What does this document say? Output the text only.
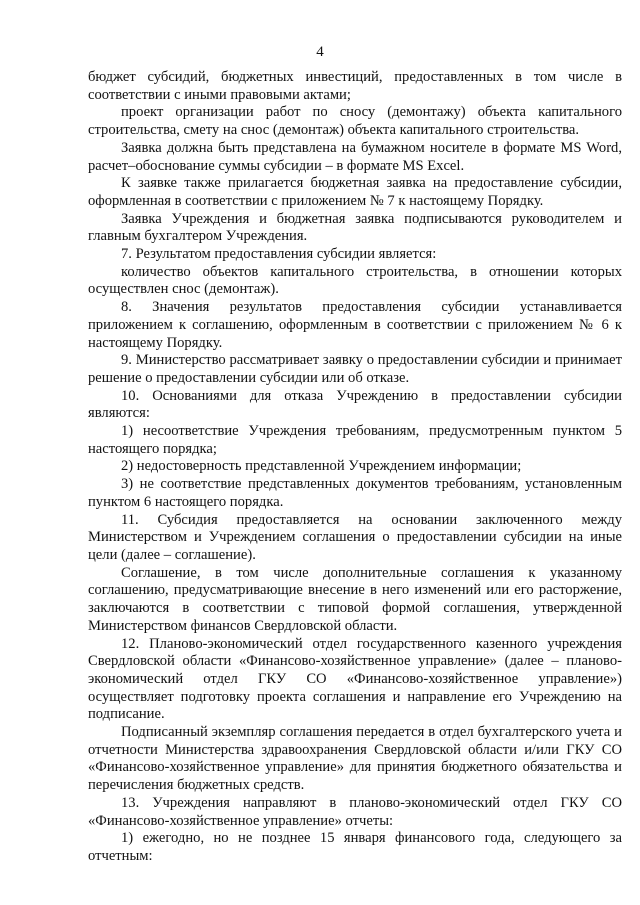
4

бюджет субсидий, бюджетных инвестиций, предоставленных в том числе в соответствии с иными правовыми актами;

проект организации работ по сносу (демонтажу) объекта капитального строительства, смету на снос (демонтаж) объекта капитального строительства.

Заявка должна быть представлена на бумажном носителе в формате MS Word, расчет–обоснование суммы субсидии – в формате MS Excel.

К заявке также прилагается бюджетная заявка на предоставление субсидии, оформленная в соответствии с приложением № 7 к настоящему Порядку.

Заявка Учреждения и бюджетная заявка подписываются руководителем и главным бухгалтером Учреждения.

7. Результатом предоставления субсидии является:

количество объектов капитального строительства, в отношении которых осуществлен снос (демонтаж).

8. Значения результатов предоставления субсидии устанавливается приложением к соглашению, оформленным в соответствии с приложением № 6 к настоящему Порядку.

9. Министерство рассматривает заявку о предоставлении субсидии и принимает решение о предоставлении субсидии или об отказе.

10. Основаниями для отказа Учреждению в предоставлении субсидии являются:

1) несоответствие Учреждения требованиям, предусмотренным пунктом 5 настоящего порядка;

2) недостоверность представленной Учреждением информации;

3) не соответствие представленных документов требованиям, установленным пунктом 6 настоящего порядка.

11. Субсидия предоставляется на основании заключенного между Министерством и Учреждением соглашения о предоставлении субсидии на иные цели (далее – соглашение).

Соглашение, в том числе дополнительные соглашения к указанному соглашению, предусматривающие внесение в него изменений или его расторжение, заключаются в соответствии с типовой формой соглашения, утвержденной Министерством финансов Свердловской области.

12. Планово-экономический отдел государственного казенного учреждения Свердловской области «Финансово-хозяйственное управление» (далее – планово-экономический отдел ГКУ СО «Финансово-хозяйственное управление») осуществляет подготовку проекта соглашения и направление его Учреждению на подписание.

Подписанный экземпляр соглашения передается в отдел бухгалтерского учета и отчетности Министерства здравоохранения Свердловской области и/или ГКУ СО «Финансово-хозяйственное управление» для принятия бюджетного обязательства и перечисления бюджетных средств.

13. Учреждения направляют в планово-экономический отдел ГКУ СО «Финансово-хозяйственное управление» отчеты:

1) ежегодно, но не позднее 15 января финансового года, следующего за отчетным:
